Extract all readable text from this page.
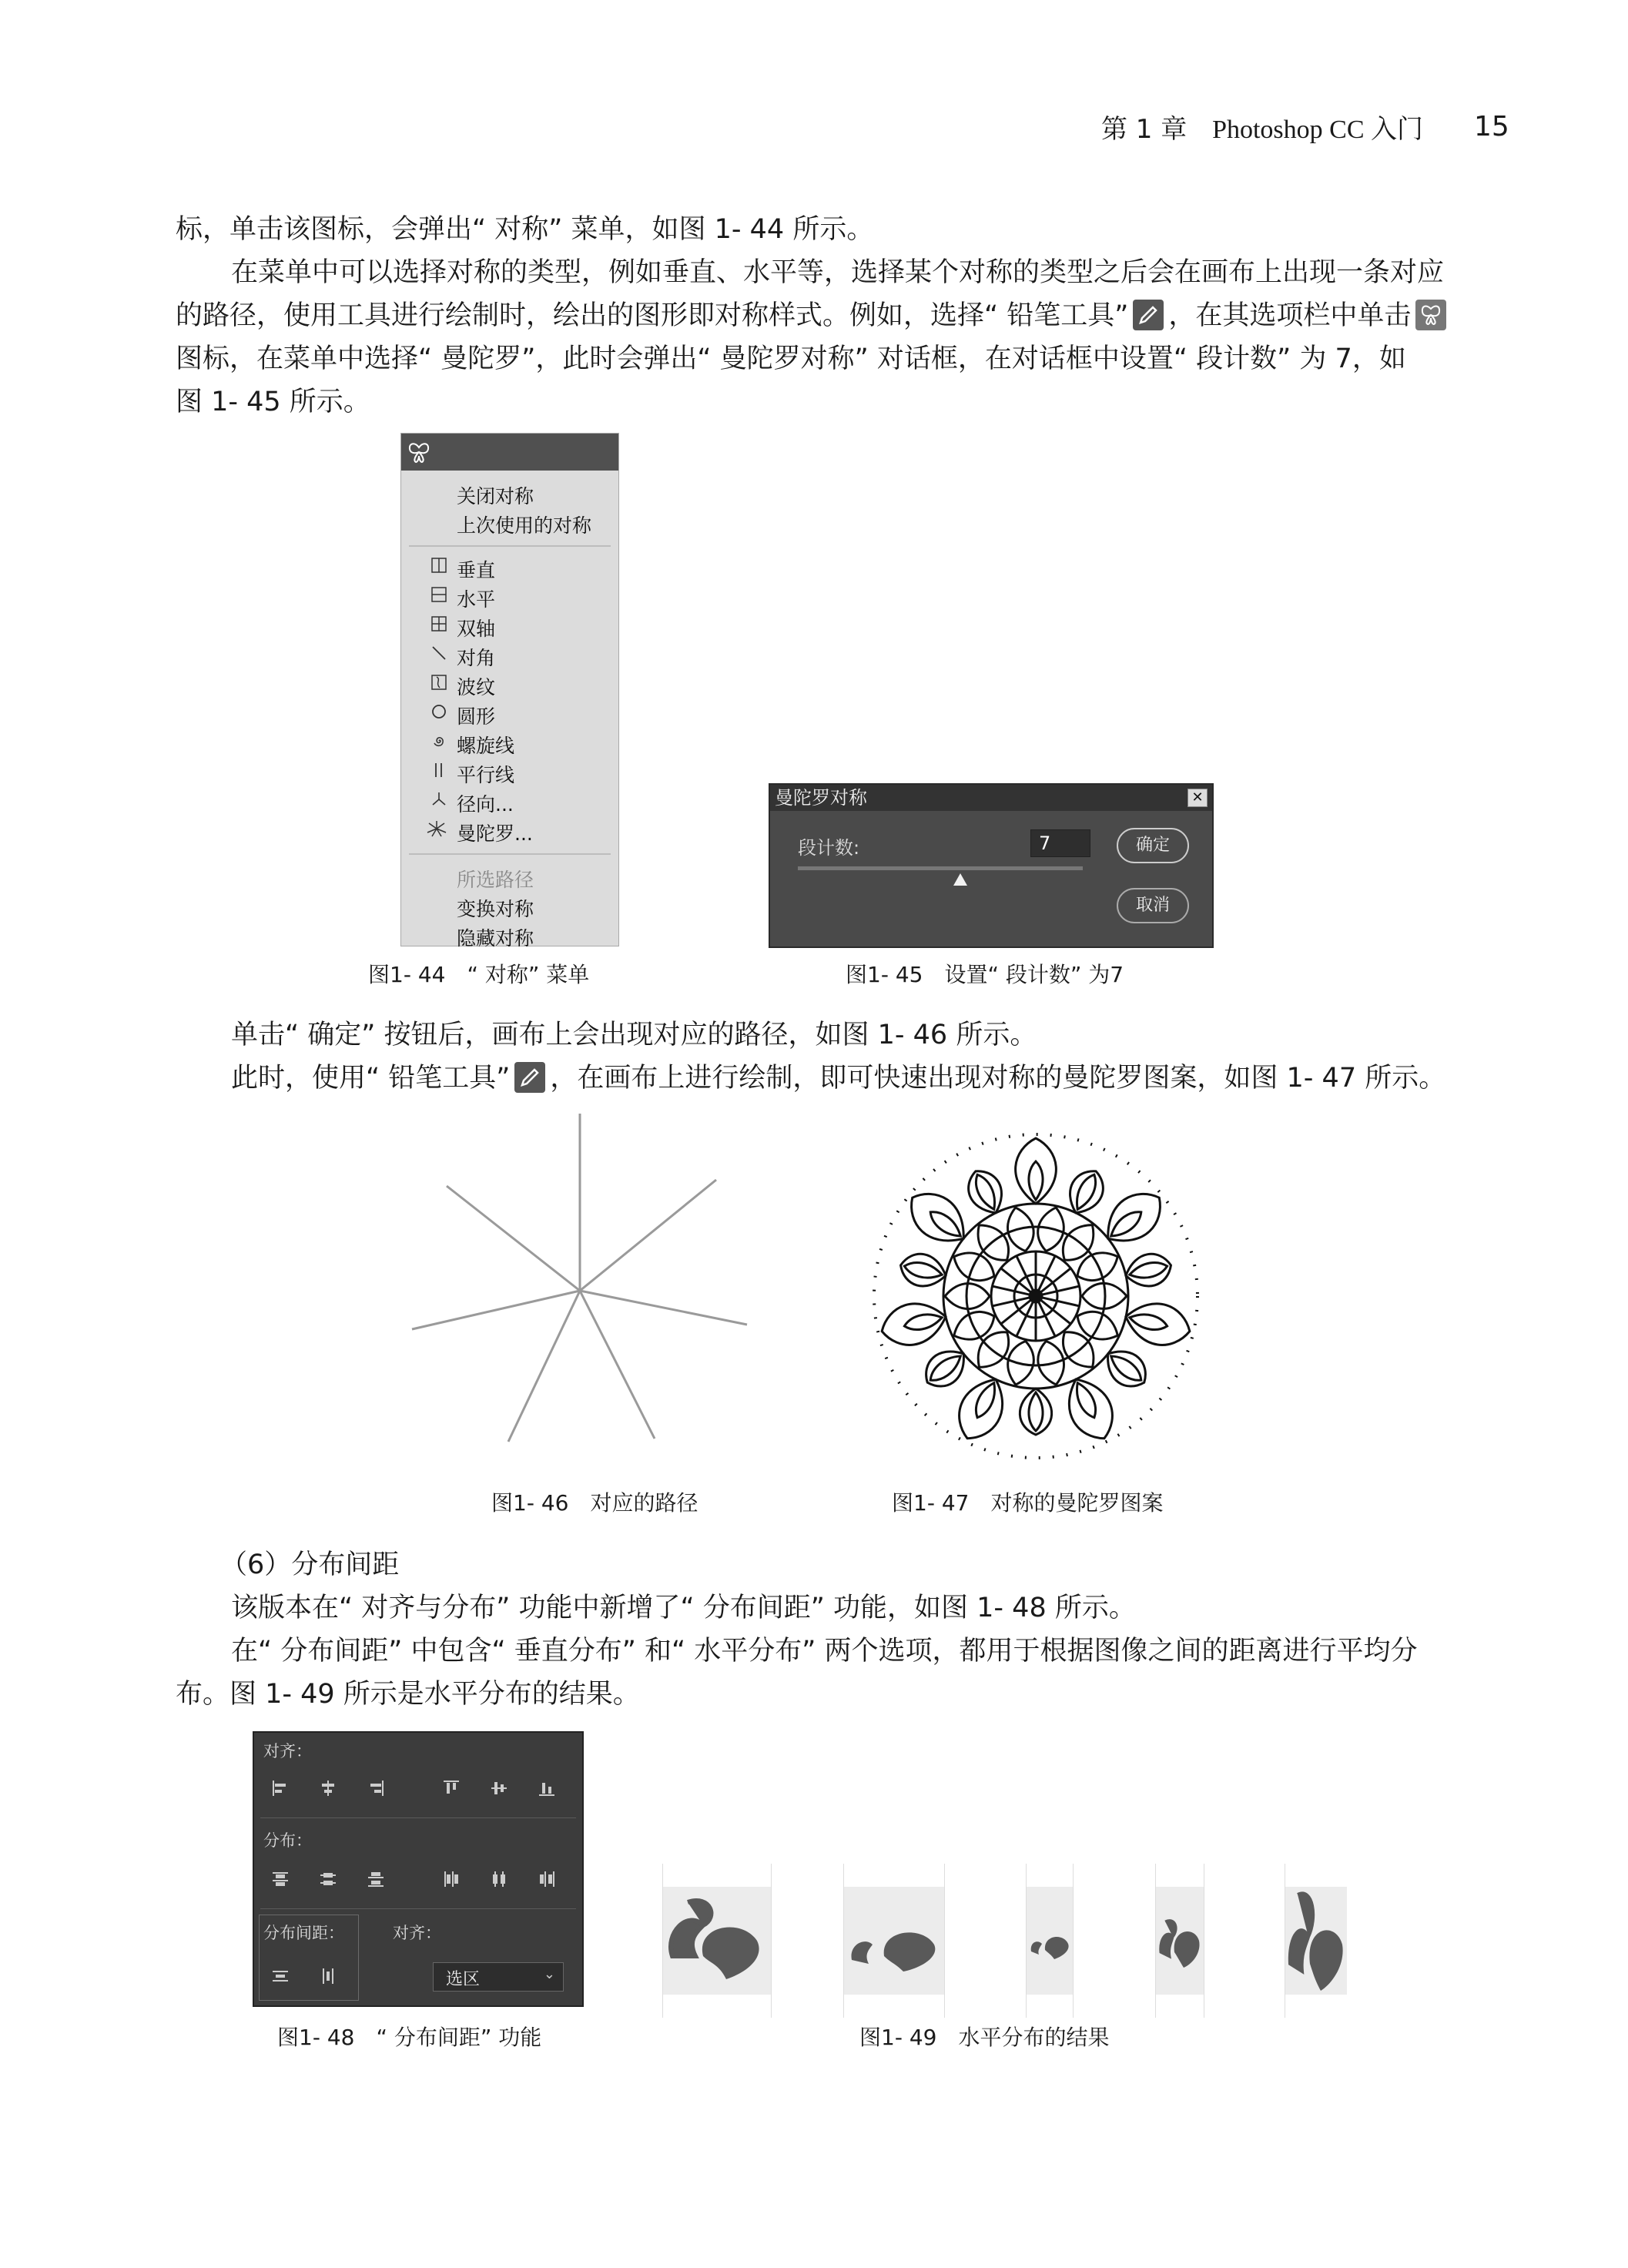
第 1 章 Photoshop CC 入门 15
标，单击该图标，会弹出“ 对称” 菜单，如图 1- 44 所示。
在菜单中可以选择对称的类型，例如垂直、水平等，选择某个对称的类型之后会在画布上出现一条对应
的路径，使用工具进行绘制时，绘出的图形即对称样式。例如，选择“ 铅笔工具” ，在其选项栏中单击
图标，在菜单中选择“ 曼陀罗”，此时会弹出“ 曼陀罗对称” 对话框，在对话框中设置“ 段计数” 为 7，如
图 1- 45 所示。
关闭对称
上次使用的对称
垂直
水平
双轴
对角
波纹
圆形
螺旋线
平行线
径向...
曼陀罗...
所选路径
变换对称
隐藏对称
曼陀罗对称	✕
段计数:	7	确定
取消
图1- 44　“ 对称” 菜单	图1- 45　设置“ 段计数” 为7
单击“ 确定” 按钮后，画布上会出现对应的路径，如图 1- 46 所示。
此时，使用“ 铅笔工具” ，在画布上进行绘制，即可快速出现对称的曼陀罗图案，如图 1- 47 所示。
图1- 46　对应的路径	图1- 47　对称的曼陀罗图案
（6）分布间距
该版本在“ 对齐与分布” 功能中新增了“ 分布间距” 功能，如图 1- 48 所示。
在“ 分布间距” 中包含“ 垂直分布” 和“ 水平分布” 两个选项，都用于根据图像之间的距离进行平均分
布。图 1- 49 所示是水平分布的结果。
对齐：
分布：
分布间距：	对齐：
选区	⌄
图1- 48　“ 分布间距” 功能	图1- 49　水平分布的结果
